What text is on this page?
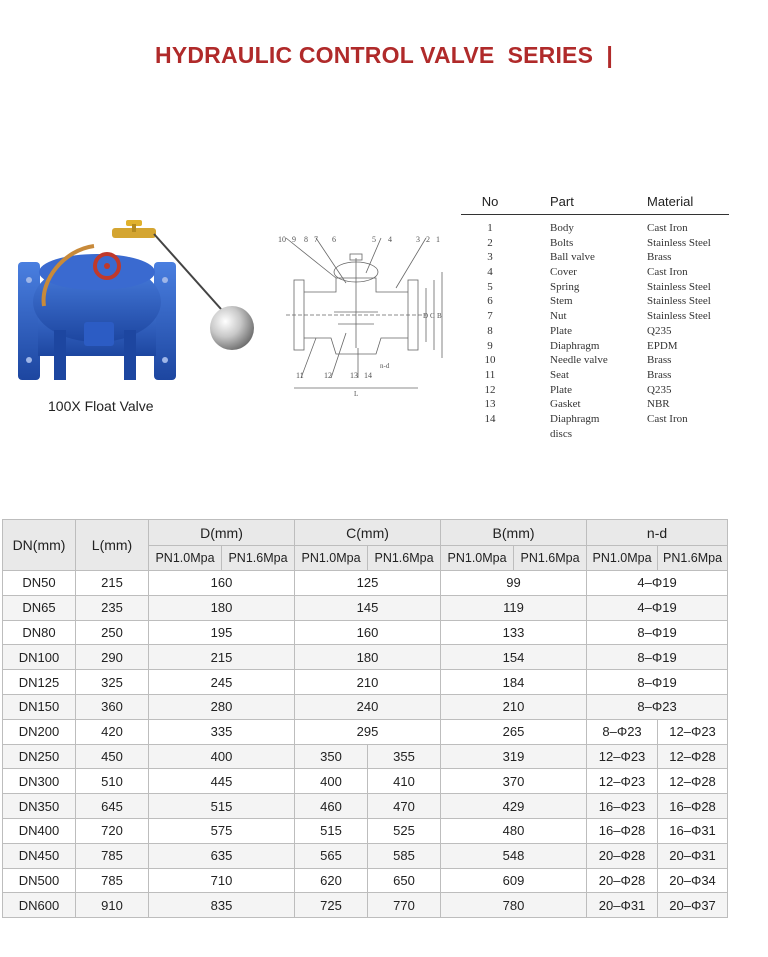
HYDRAULIC CONTROL VALVE  SERIES  |
100X Float Valve
10 9 8 7 6	5 4	3 2 1
11	12 13 14
D C B
L
n-d
No	Part	Material
1	Body	Cast Iron
2	Bolts	Stainless Steel
3	Ball valve	Brass
4	Cover	Cast Iron
5	Spring	Stainless Steel
6	Stem	Stainless Steel
7	Nut	Stainless Steel
8	Plate	Q235
9	Diaphragm	EPDM
10	Needle valve	Brass
11	Seat	Brass
12	Plate	Q235
13	Gasket	NBR
14	Diaphragm discs
Cast Iron
DN(mm)	L(mm)	D(mm)		C(mm)		B(mm)		n-d	
		PN1.0Mpa	PN1.6Mpa	PN1.0Mpa	PN1.6Mpa	PN1.0Mpa	PN1.6Mpa	PN1.0Mpa	PN1.6Mpa
DN50	215	160		125		99		4–Φ19	
DN65	235	180		145		119		4–Φ19	
DN80	250	195		160		133		8–Φ19	
DN100	290	215		180		154		8–Φ19	
DN125	325	245		210		184		8–Φ19	
DN150	360	280		240		210		8–Φ23	
DN200	420	335		295		265		8–Φ23	12–Φ23
DN250	450	400		350	355	319		12–Φ23	12–Φ28
DN300	510	445		400	410	370		12–Φ23	12–Φ28
DN350	645	515		460	470	429		16–Φ23	16–Φ28
DN400	720	575		515	525	480		16–Φ28	16–Φ31
DN450	785	635		565	585	548		20–Φ28	20–Φ31
DN500	785	710		620	650	609		20–Φ28	20–Φ34
DN600	910	835		725	770	780		20–Φ31	20–Φ37
